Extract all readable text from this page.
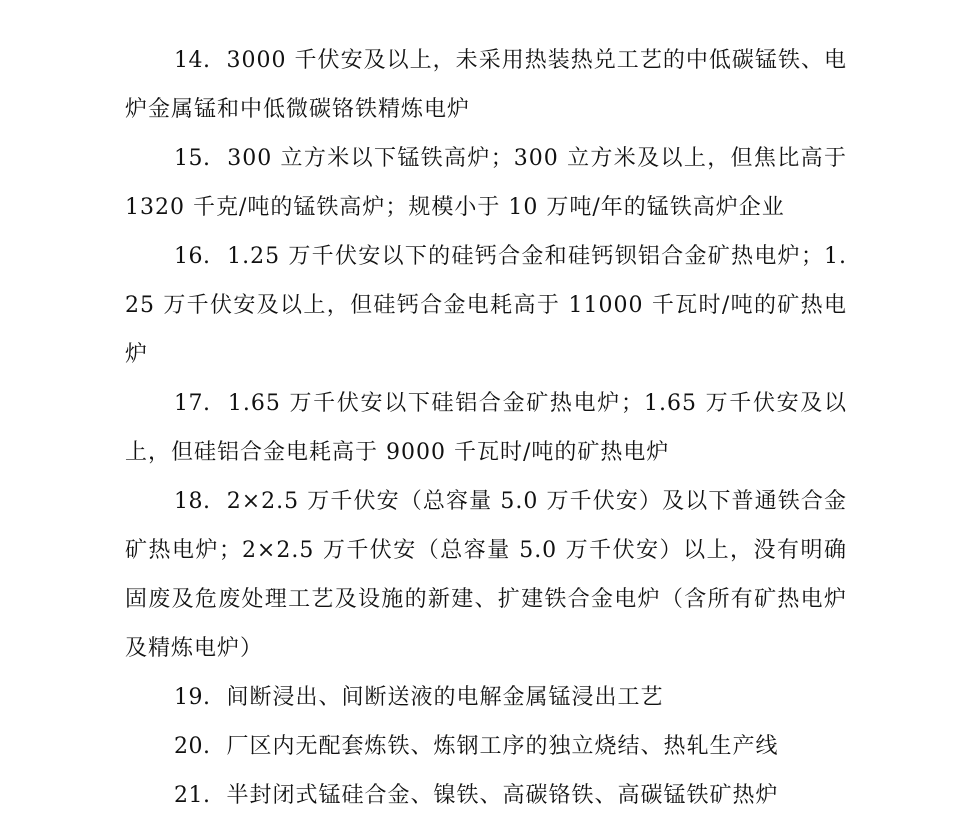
14. 3000 千伏安及以上，未采用热装热兑工艺的中低碳锰铁、电炉金属锰和中低微碳铬铁精炼电炉

15. 300 立方米以下锰铁高炉；300 立方米及以上，但焦比高于 1320 千克/吨的锰铁高炉；规模小于 10 万吨/年的锰铁高炉企业

16. 1.25 万千伏安以下的硅钙合金和硅钙钡铝合金矿热电炉；1.25 万千伏安及以上，但硅钙合金电耗高于 11000 千瓦时/吨的矿热电炉

17. 1.65 万千伏安以下硅铝合金矿热电炉；1.65 万千伏安及以上，但硅铝合金电耗高于 9000 千瓦时/吨的矿热电炉

18. 2×2.5 万千伏安（总容量 5.0 万千伏安）及以下普通铁合金矿热电炉；2×2.5 万千伏安（总容量 5.0 万千伏安）以上，没有明确固废及危废处理工艺及设施的新建、扩建铁合金电炉（含所有矿热电炉及精炼电炉）

19. 间断浸出、间断送液的电解金属锰浸出工艺

20. 厂区内无配套炼铁、炼钢工序的独立烧结、热轧生产线

21. 半封闭式锰硅合金、镍铁、高碳铬铁、高碳锰铁矿热炉
